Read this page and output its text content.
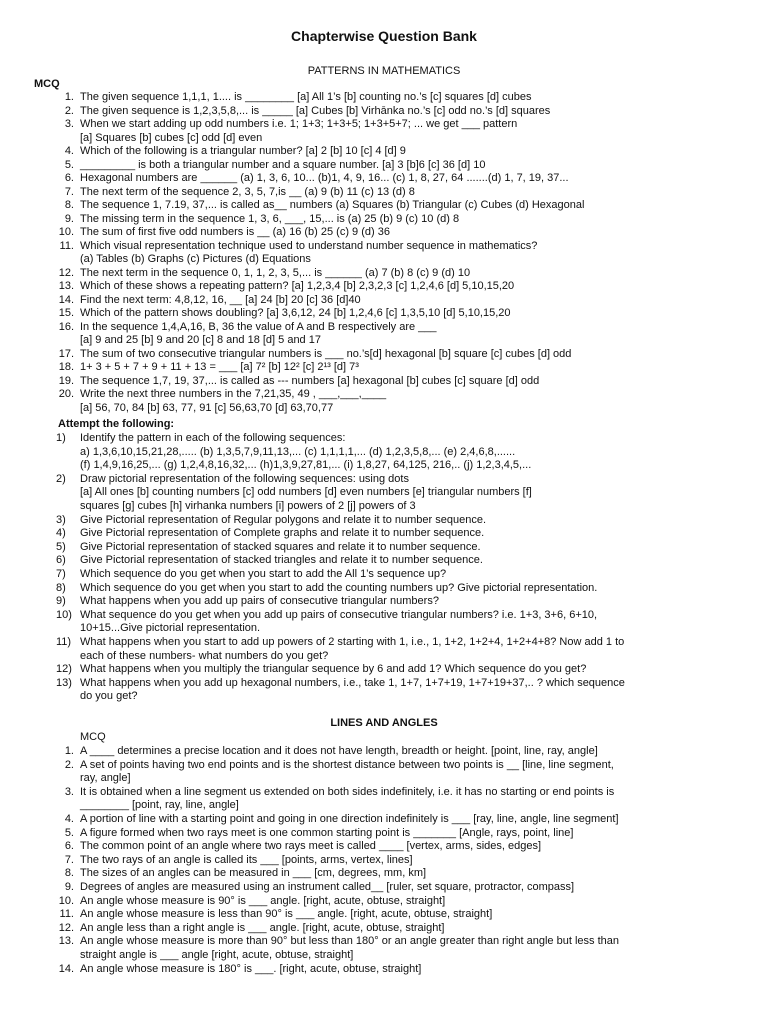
Chapterwise Question Bank
PATTERNS IN MATHEMATICS
MCQ
1. The given sequence 1,1,1, 1.... is ________ [a] All 1’s [b] counting no.’s [c] squares [d] cubes
2. The given sequence is 1,2,3,5,8,... is _____ [a] Cubes [b] Virhānka no.’s [c] odd no.’s [d] squares
3. When we start adding up odd numbers i.e. 1; 1+3; 1+3+5; 1+3+5+7; ... we get ___ pattern
[a] Squares [b] cubes [c] odd [d] even
4. Which of the following is a triangular number? [a] 2 [b] 10 [c] 4 [d] 9
5. _________ is both a triangular number and a square number. [a] 3 [b]6 [c] 36 [d] 10
6. Hexagonal numbers are ______ (a) 1, 3, 6, 10... (b)1, 4, 9, 16... (c) 1, 8, 27, 64 .......(d) 1, 7, 19, 37...
7. The next term of the sequence 2, 3, 5, 7,is __ (a) 9 (b) 11 (c) 13 (d) 8
8. The sequence 1, 7.19, 37,... is called as__ numbers (a) Squares (b) Triangular (c) Cubes (d) Hexagonal
9. The missing term in the sequence 1, 3, 6, ___, 15,... is (a) 25 (b) 9 (c) 10 (d) 8
10. The sum of first five odd numbers is __ (a) 16 (b) 25 (c) 9 (d) 36
11. Which visual representation technique used to understand number sequence in mathematics?
(a) Tables (b) Graphs (c) Pictures (d) Equations
12. The next term in the sequence 0, 1, 1, 2, 3, 5,... is ______ (a) 7 (b) 8 (c) 9 (d) 10
13. Which of these shows a repeating pattern? [a] 1,2,3,4 [b] 2,3,2,3 [c] 1,2,4,6 [d] 5,10,15,20
14. Find the next term: 4,8,12, 16, __ [a] 24 [b] 20 [c] 36 [d]40
15. Which of the pattern shows doubling? [a] 3,6,12, 24 [b] 1,2,4,6 [c] 1,3,5,10 [d] 5,10,15,20
16. In the sequence 1,4,A,16, B, 36 the value of A and B respectively are ___
[a] 9 and 25 [b] 9 and 20 [c] 8 and 18 [d] 5 and 17
17. The sum of two consecutive triangular numbers is ___ no.’s[d] hexagonal [b] square [c] cubes [d] odd
18. 1+ 3 + 5 + 7 + 9 + 11 + 13 = ___ [a] 7² [b] 12² [c] 2¹³ [d] 7³
19. The sequence 1,7, 19, 37,... is called as --- numbers [a] hexagonal [b] cubes [c] square [d] odd
20. Write the next three numbers in the 7,21,35, 49 , ___,___,____
[a] 56, 70, 84 [b] 63, 77, 91 [c] 56,63,70 [d] 63,70,77
Attempt the following:
1)	Identify the pattern in each of the following sequences:
a) 1,3,6,10,15,21,28,..... (b) 1,3,5,7,9,11,13,... (c) 1,1,1,1,... (d) 1,2,3,5,8,... (e) 2,4,6,8,......
(f) 1,4,9,16,25,... (g) 1,2,4,8,16,32,... (h)1,3,9,27,81,... (i) 1,8,27, 64,125, 216,.. (j) 1,2,3,4,5,...
2)	Draw pictorial representation of the following sequences: using dots
[a] All ones [b] counting numbers [c] odd numbers [d] even numbers [e] triangular numbers [f]
squares [g] cubes [h] virhanka numbers [i] powers of 2 [j] powers of 3
3)	Give Pictorial representation of Regular polygons and relate it to number sequence.
4)	Give Pictorial representation of Complete graphs and relate it to number sequence.
5)	Give Pictorial representation of stacked squares and relate it to number sequence.
6)	Give Pictorial representation of stacked triangles and relate it to number sequence.
7)	Which sequence do you get when you start to add the All 1’s sequence up?
8)	Which sequence do you get when you start to add the counting numbers up? Give pictorial representation.
9)	What happens when you add up pairs of consecutive triangular numbers?
10) What sequence do you get when you add up pairs of consecutive triangular numbers? i.e. 1+3, 3+6, 6+10,
10+15...Give pictorial representation.
11) What happens when you start to add up powers of 2 starting with 1, i.e., 1, 1+2, 1+2+4, 1+2+4+8? Now add 1 to
each of these numbers- what numbers do you get?
12) What happens when you multiply the triangular sequence by 6 and add 1? Which sequence do you get?
13) What happens when you add up hexagonal numbers, i.e., take 1, 1+7, 1+7+19, 1+7+19+37,.. ? which sequence
do you get?
LINES AND ANGLES
MCQ
1. A ____ determines a precise location and it does not have length, breadth or height. [point, line, ray, angle]
2. A set of points having two end points and is the shortest distance between two points is __ [line, line segment,
ray, angle]
3. It is obtained when a line segment us extended on both sides indefinitely, i.e. it has no starting or end points is
________ [point, ray, line, angle]
4. A portion of line with a starting point and going in one direction indefinitely is ___ [ray, line, angle, line segment]
5. A figure formed when two rays meet is one common starting point is _______ [Angle, rays, point, line]
6. The common point of an angle where two rays meet is called ____ [vertex, arms, sides, edges]
7. The two rays of an angle is called its ___ [points, arms, vertex, lines]
8. The sizes of an angles can be measured in ___ [cm, degrees, mm, km]
9. Degrees of angles are measured using an instrument called__ [ruler, set square, protractor, compass]
10. An angle whose measure is 90° is ___ angle. [right, acute, obtuse, straight]
11. An angle whose measure is less than 90° is ___ angle. [right, acute, obtuse, straight]
12. An angle less than a right angle is ___ angle. [right, acute, obtuse, straight]
13. An angle whose measure is more than 90° but less than 180° or an angle greater than right angle but less than
straight angle is ___ angle [right, acute, obtuse, straight]
14. An angle whose measure is 180° is ___. [right, acute, obtuse, straight]
